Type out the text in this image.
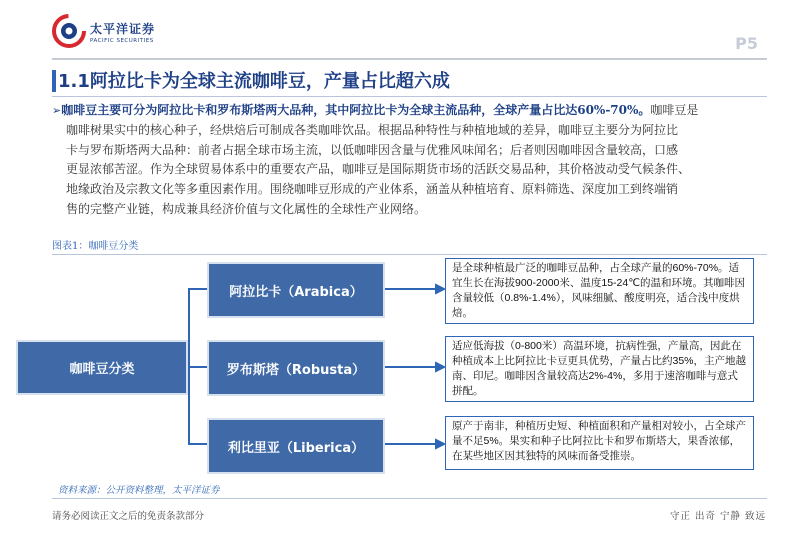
太平洋证券
PACIFIC SECURITIES	P5
1.1阿拉比卡为全球主流咖啡豆，产量占比超六成

➢咖啡豆主要可分为阿拉比卡和罗布斯塔两大品种，其中阿拉比卡为全球主流品种，全球产量占比达60%-70%。咖啡豆是

咖啡树果实中的核心种子，经烘焙后可制成各类咖啡饮品。根据品种特性与种植地域的差异，咖啡豆主要分为阿拉比

卡与罗布斯塔两大品种：前者占据全球市场主流，以低咖啡因含量与优雅风味闻名；后者则因咖啡因含量较高，口感

更显浓郁苦涩。作为全球贸易体系中的重要农产品，咖啡豆是国际期货市场的活跃交易品种，其价格波动受气候条件、

地缘政治及宗教文化等多重因素作用。围绕咖啡豆形成的产业体系，涵盖从种植培育、原料筛选、深度加工到终端销

售的完整产业链，构成兼具经济价值与文化属性的全球性产业网络。

图表1：咖啡豆分类
咖啡豆分类
阿拉比卡（Arabica）
罗布斯塔（Robusta）
利比里亚（Liberica）
是全球种植最广泛的咖啡豆品种，占全球产量的60%-70%。适宜生长在海拔900-2000米、温度15-24℃的温和环境。其咖啡因含量较低（0.8%-1.4%），风味细腻、酸度明亮，适合浅中度烘焙。
适应低海拔（0-800米）高温环境，抗病性强，产量高，因此在种植成本上比阿拉比卡豆更具优势，产量占比约35%，主产地越南、印尼。咖啡因含量较高达2%-4%，多用于速溶咖啡与意式拼配。
原产于南非，种植历史短、种植面积和产量相对较小，占全球产量不足5%。果实和种子比阿拉比卡和罗布斯塔大，果香浓郁，在某些地区因其独特的风味而备受推崇。
资料来源：公开资料整理，太平洋证券
请务必阅读正文之后的免责条款部分	守正 出奇 宁静 致远
